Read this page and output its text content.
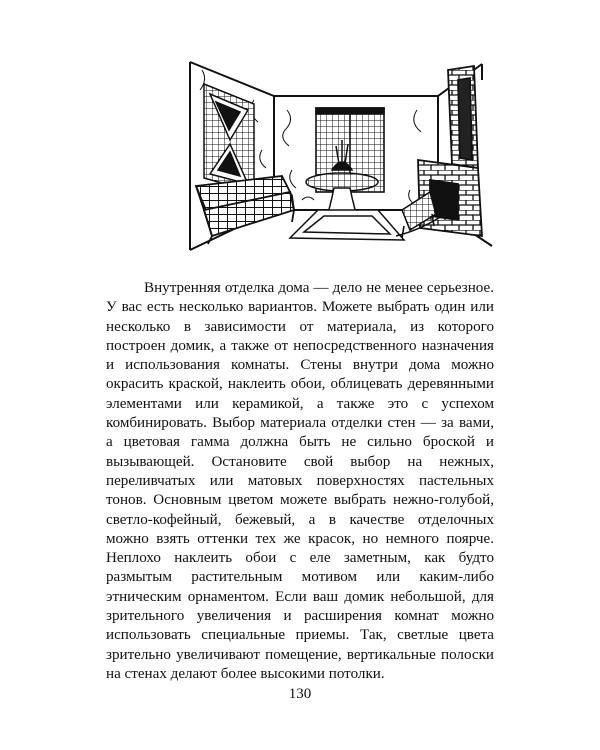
Внутренняя отделка дома — дело не менее серьезное.
У вас есть несколько вариантов. Можете выбрать один или
несколько в зависимости от материала, из которого
построен домик, а также от непосредственного назначения
и использования комнаты. Стены внутри дома можно
окрасить краской, наклеить обои, облицевать деревянными
элементами или керамикой, а также это с успехом
комбинировать. Выбор материала отделки стен — за вами,
а цветовая гамма должна быть не сильно броской и
вызывающей. Остановите свой выбор на нежных,
переливчатых или матовых поверхностях пастельных
тонов. Основным цветом можете выбрать нежно-голубой,
светло-кофейный, бежевый, а в качестве отделочных
можно взять оттенки тех же красок, но немного поярче.
Неплохо наклеить обои с еле заметным, как будто
размытым растительным мотивом или каким-либо
этническим орнаментом. Если ваш домик небольшой, для
зрительного увеличения и расширения комнат можно
использовать специальные приемы. Так, светлые цвета
зрительно увеличивают помещение, вертикальные полоски
на стенах делают более высокими потолки.
130
